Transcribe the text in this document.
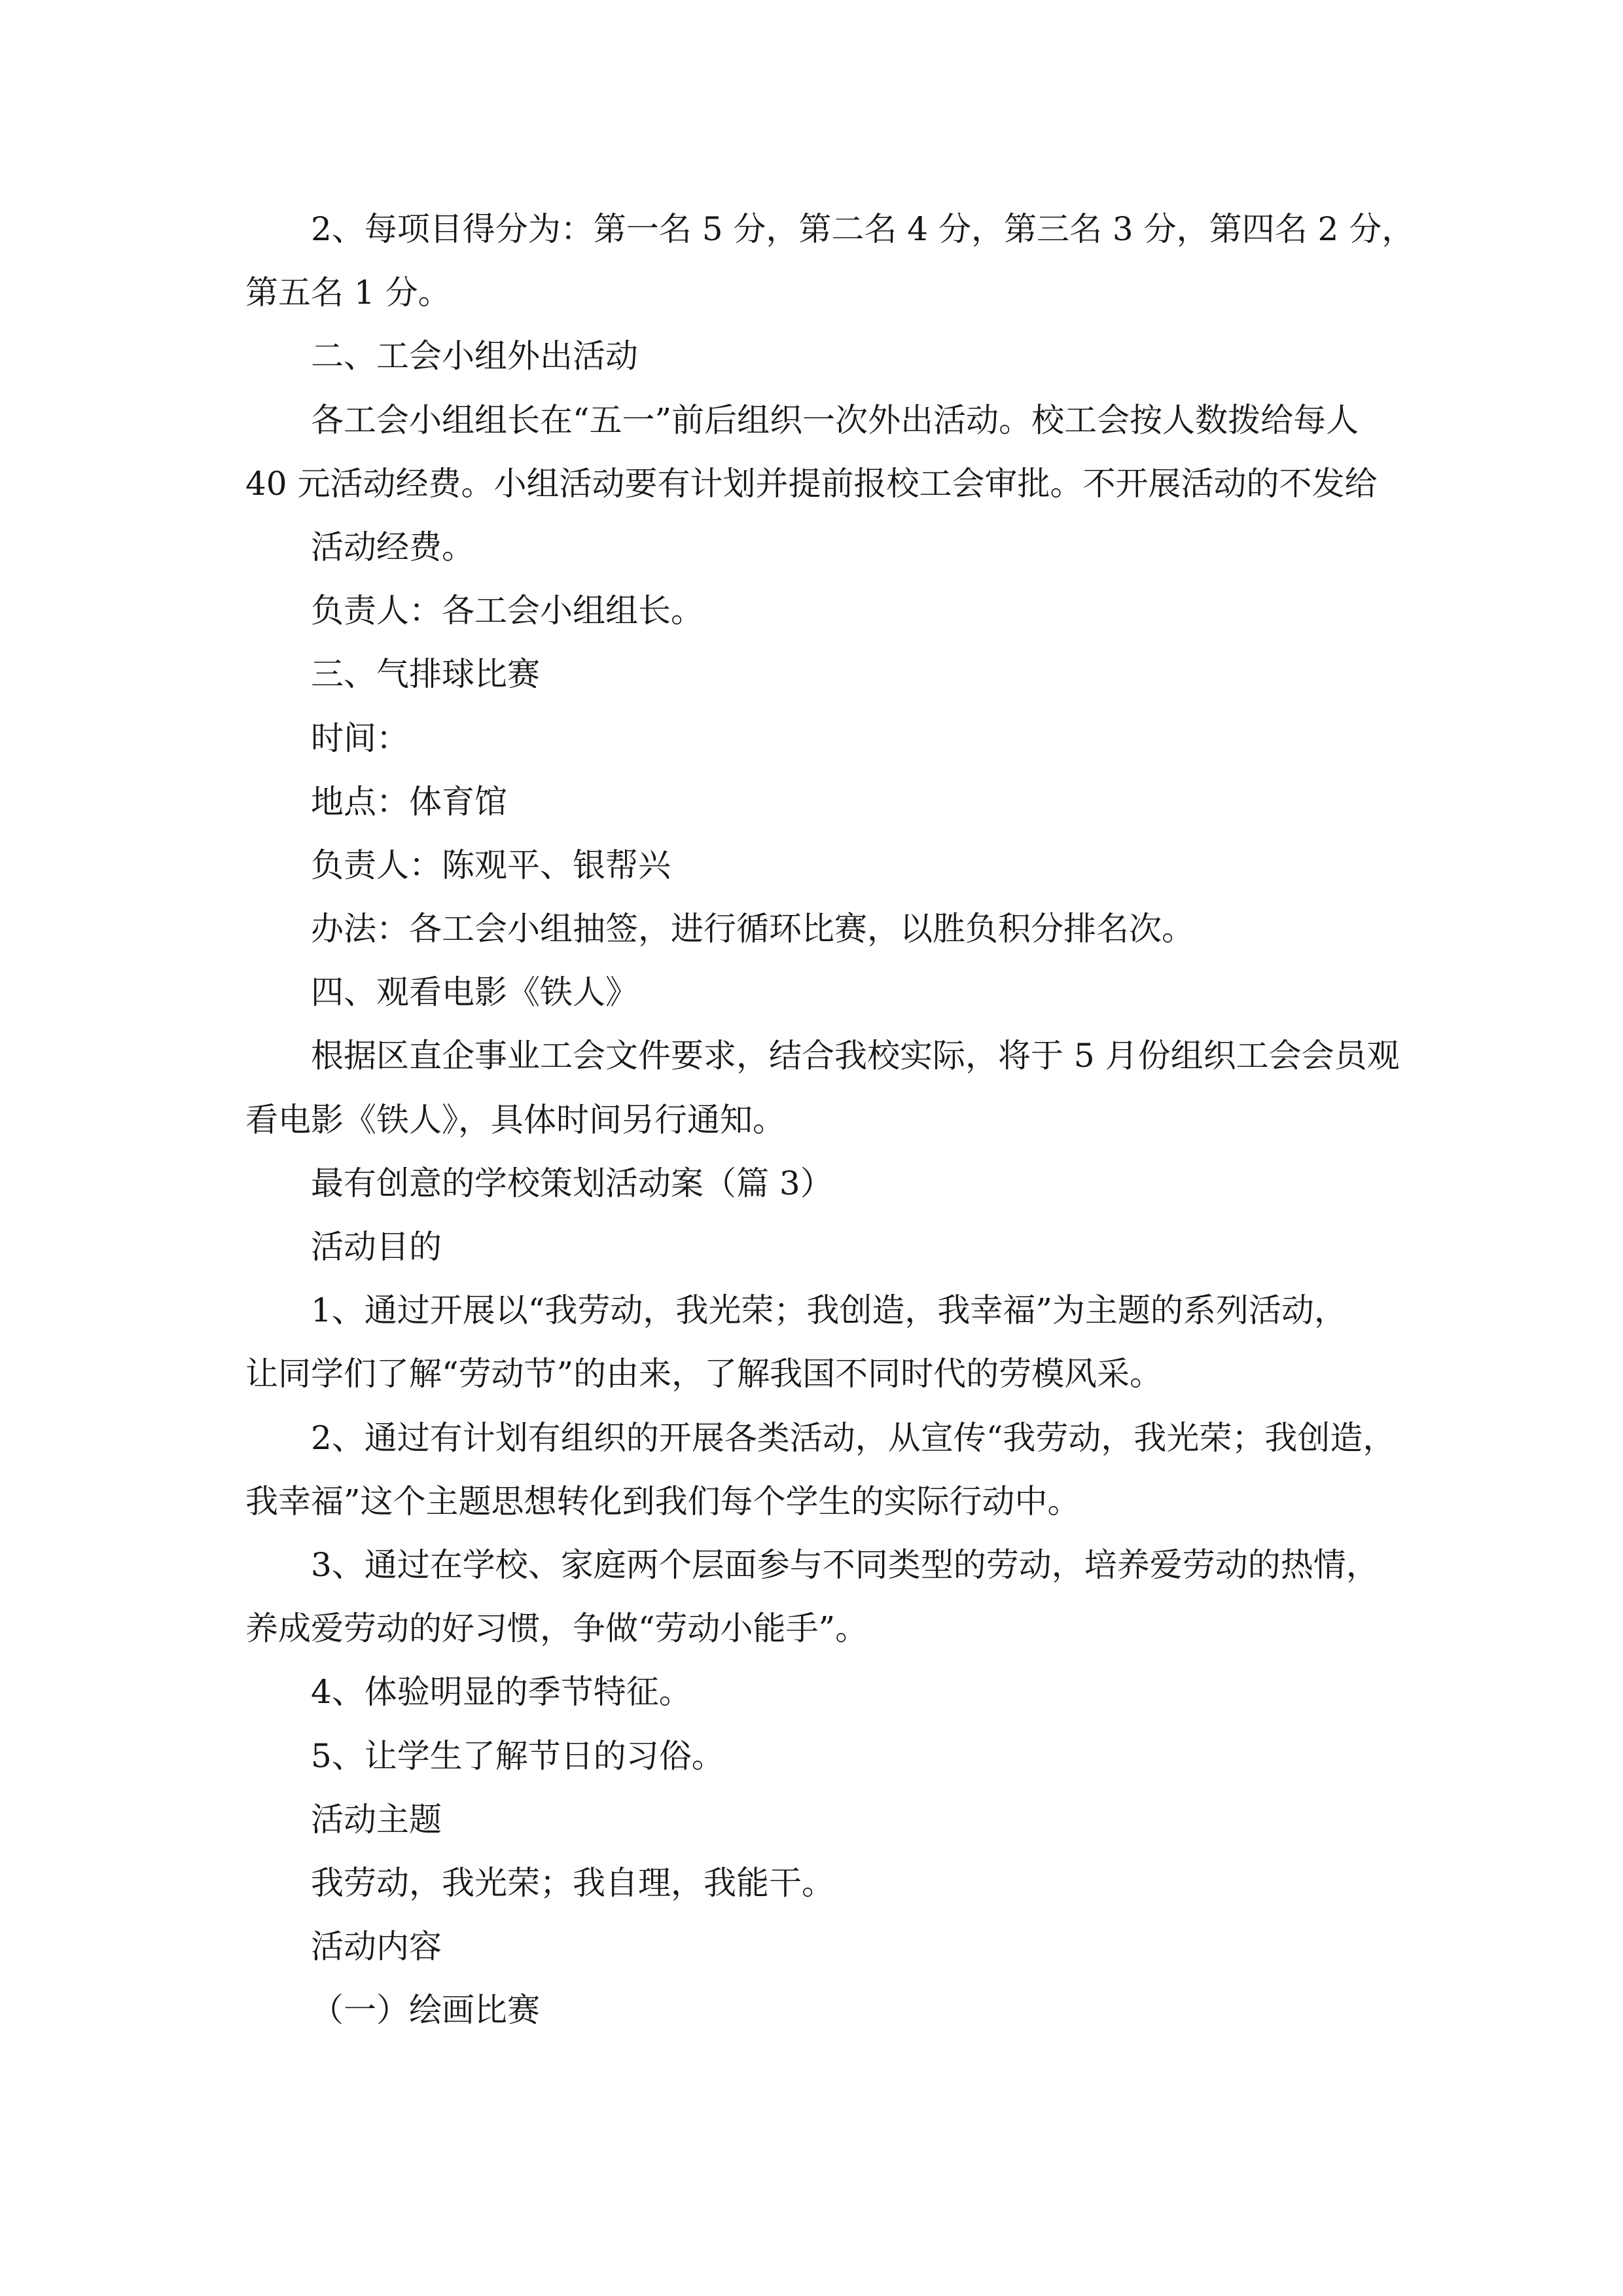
2、每项目得分为：第一名 5 分，第二名 4 分，第三名 3 分，第四名 2 分，
第五名 1 分。
二、工会小组外出活动
各工会小组组长在“五一”前后组织一次外出活动。校工会按人数拨给每人
40 元活动经费。小组活动要有计划并提前报校工会审批。不开展活动的不发给
活动经费。
负责人：各工会小组组长。
三、气排球比赛
时间：
地点：体育馆
负责人：陈观平、银帮兴
办法：各工会小组抽签，进行循环比赛，以胜负积分排名次。
四、观看电影《铁人》
根据区直企事业工会文件要求，结合我校实际，将于 5 月份组织工会会员观
看电影《铁人》，具体时间另行通知。
最有创意的学校策划活动案（篇 3）
活动目的
1、通过开展以“我劳动，我光荣；我创造，我幸福”为主题的系列活动，
让同学们了解“劳动节”的由来，了解我国不同时代的劳模风采。
2、通过有计划有组织的开展各类活动，从宣传“我劳动，我光荣；我创造，
我幸福”这个主题思想转化到我们每个学生的实际行动中。
3、通过在学校、家庭两个层面参与不同类型的劳动，培养爱劳动的热情，
养成爱劳动的好习惯，争做“劳动小能手”。
4、体验明显的季节特征。
5、让学生了解节日的习俗。
活动主题
我劳动，我光荣；我自理，我能干。
活动内容
（一）绘画比赛
